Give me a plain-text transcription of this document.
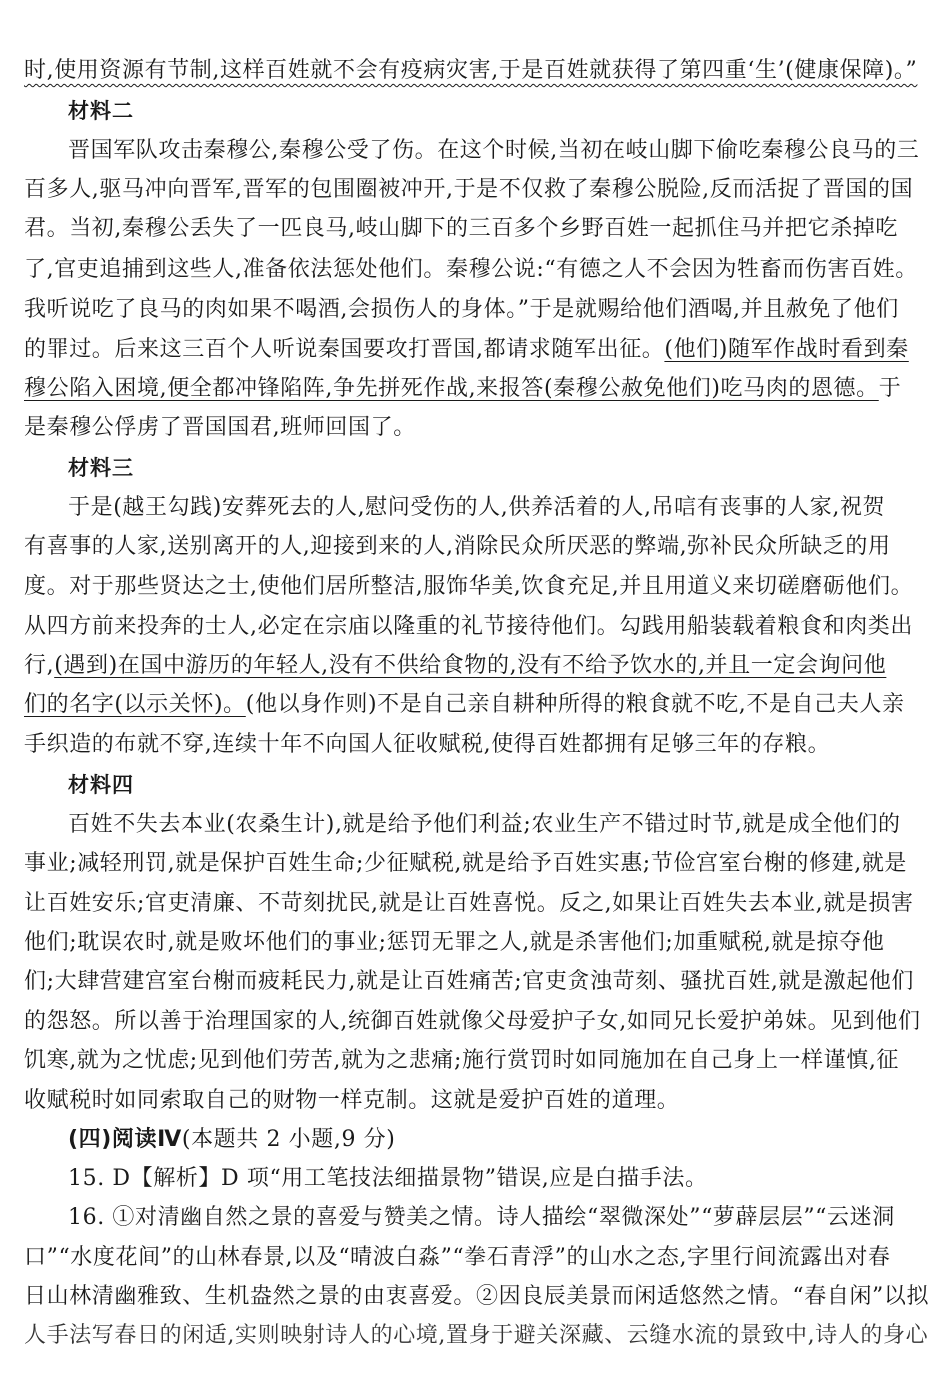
时,使用资源有节制,这样百姓就不会有疫病灾害,于是百姓就获得了第四重‘生’(健康保障)。”
材料二
晋国军队攻击秦穆公,秦穆公受了伤。在这个时候,当初在岐山脚下偷吃秦穆公良马的三
百多人,驱马冲向晋军,晋军的包围圈被冲开,于是不仅救了秦穆公脱险,反而活捉了晋国的国
君。当初,秦穆公丢失了一匹良马,岐山脚下的三百多个乡野百姓一起抓住马并把它杀掉吃
了,官吏追捕到这些人,准备依法惩处他们。秦穆公说:“有德之人不会因为牲畜而伤害百姓。
我听说吃了良马的肉如果不喝酒,会损伤人的身体。”于是就赐给他们酒喝,并且赦免了他们
的罪过。后来这三百个人听说秦国要攻打晋国,都请求随军出征。(他们)随军作战时看到秦
穆公陷入困境,便全都冲锋陷阵,争先拼死作战,来报答(秦穆公赦免他们)吃马肉的恩德。于
是秦穆公俘虏了晋国国君,班师回国了。
材料三
于是(越王勾践)安葬死去的人,慰问受伤的人,供养活着的人,吊唁有丧事的人家,祝贺
有喜事的人家,送别离开的人,迎接到来的人,消除民众所厌恶的弊端,弥补民众所缺乏的用
度。对于那些贤达之士,使他们居所整洁,服饰华美,饮食充足,并且用道义来切磋磨砺他们。
从四方前来投奔的士人,必定在宗庙以隆重的礼节接待他们。勾践用船装载着粮食和肉类出
行,(遇到)在国中游历的年轻人,没有不供给食物的,没有不给予饮水的,并且一定会询问他
们的名字(以示关怀)。(他以身作则)不是自己亲自耕种所得的粮食就不吃,不是自己夫人亲
手织造的布就不穿,连续十年不向国人征收赋税,使得百姓都拥有足够三年的存粮。
材料四
百姓不失去本业(农桑生计),就是给予他们利益;农业生产不错过时节,就是成全他们的
事业;减轻刑罚,就是保护百姓生命;少征赋税,就是给予百姓实惠;节俭宫室台榭的修建,就是
让百姓安乐;官吏清廉、不苛刻扰民,就是让百姓喜悦。反之,如果让百姓失去本业,就是损害
他们;耽误农时,就是败坏他们的事业;惩罚无罪之人,就是杀害他们;加重赋税,就是掠夺他
们;大肆营建宫室台榭而疲耗民力,就是让百姓痛苦;官吏贪浊苛刻、骚扰百姓,就是激起他们
的怨怒。所以善于治理国家的人,统御百姓就像父母爱护子女,如同兄长爱护弟妹。见到他们
饥寒,就为之忧虑;见到他们劳苦,就为之悲痛;施行赏罚时如同施加在自己身上一样谨慎,征
收赋税时如同索取自己的财物一样克制。这就是爱护百姓的道理。
(四)阅读Ⅳ(本题共 2 小题,9 分)
15. D【解析】D 项“用工笔技法细描景物”错误,应是白描手法。
16. ①对清幽自然之景的喜爱与赞美之情。诗人描绘“翠微深处”“萝薜层层”“云迷洞
口”“水度花间”的山林春景,以及“晴波白淼”“拳石青浮”的山水之态,字里行间流露出对春
日山林清幽雅致、生机盎然之景的由衷喜爱。②因良辰美景而闲适悠然之情。“春自闲”以拟
人手法写春日的闲适,实则映射诗人的心境,置身于避关深藏、云缝水流的景致中,诗人的身心
